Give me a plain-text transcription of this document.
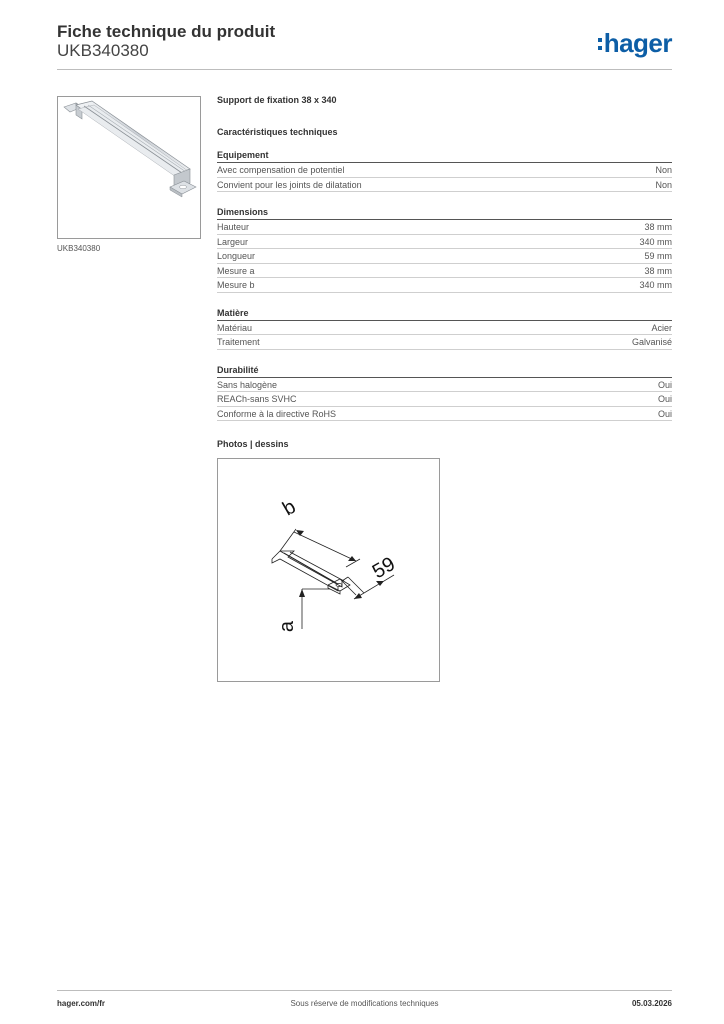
Fiche technique du produit
UKB340380	hager
UKB340380
Support de fixation 38 x 340
Caractéristiques techniques
Equipement
Avec compensation de potentiel	Non
Convient pour les joints de dilatation	Non
Dimensions
Hauteur	38 mm
Largeur	340 mm
Longueur	59 mm
Mesure a	38 mm
Mesure b	340 mm
Matière
Matériau	Acier
Traitement	Galvanisé
Durabilité
Sans halogène	Oui
REACh-sans SVHC	Oui
Conforme à la directive RoHS	Oui
Photos | dessins
b
59
a
hager.com/fr	Sous réserve de modifications techniques	05.03.2026
